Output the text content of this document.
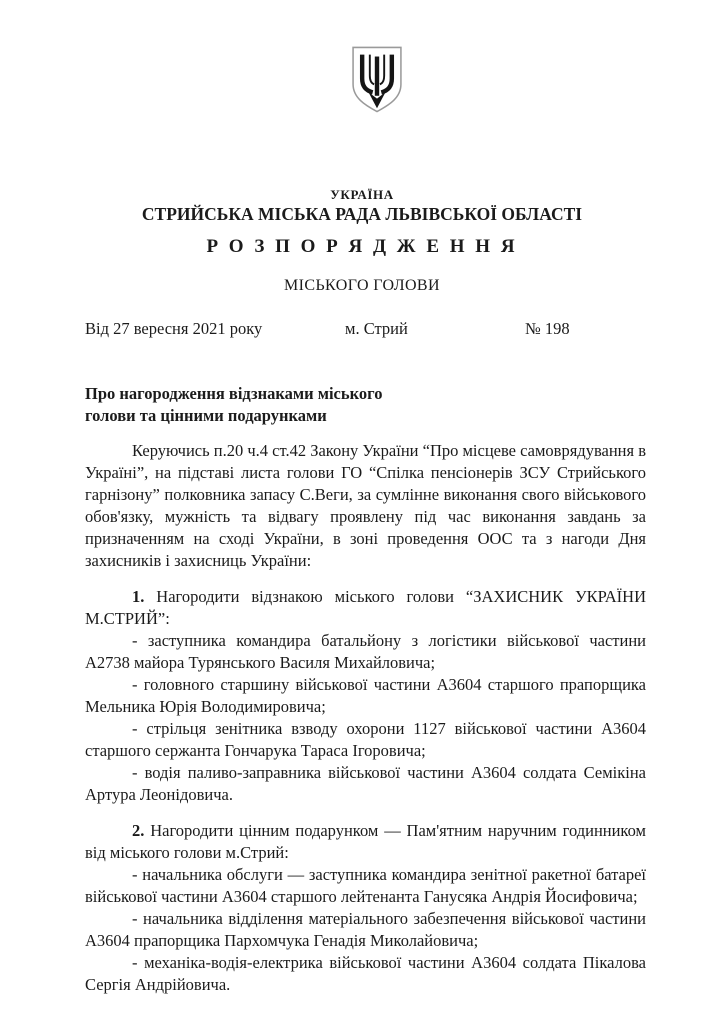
УКРАЇНА
СТРИЙСЬКА МІСЬКА РАДА ЛЬВІВСЬКОЇ ОБЛАСТІ
Р О З П О Р Я Д Ж Е Н Н Я
МІСЬКОГО ГОЛОВИ
Від 27 вересня 2021 року	м. Стрий	№ 198
Про нагородження відзнаками міського
голови та цінними подарунками

Керуючись п.20 ч.4 ст.42 Закону України “Про місцеве самоврядування в Україні”, на підставі листа голови ГО “Спілка пенсіонерів ЗСУ Стрийського гарнізону” полковника запасу С.Веги, за сумлінне виконання свого військового обов'язку, мужність та відвагу проявлену під час виконання завдань за призначенням на сході України, в зоні проведення ООС та з нагоди Дня захисників і захисниць України:

1. Нагородити відзнакою міського голови “ЗАХИСНИК УКРАЇНИ М.СТРИЙ”:

- заступника командира батальйону з логістики військової частини А2738 майора Турянського Василя Михайловича;

- головного старшину військової частини А3604 старшого прапорщика Мельника Юрія Володимировича;

- стрільця зенітника взводу охорони 1127 військової частини А3604 старшого сержанта Гончарука Тараса Ігоровича;

- водія паливо-заправника військової частини А3604 солдата Семікіна Артура Леонідовича.

2. Нагородити цінним подарунком — Пам'ятним наручним годинником від міського голови м.Стрий:

- начальника обслуги — заступника командира зенітної ракетної батареї військової частини А3604 старшого лейтенанта Ганусяка Андрія Йосифовича;

- начальника відділення матеріального забезпечення військової частини А3604 прапорщика Пархомчука Генадія Миколайовича;

- механіка-водія-електрика військової частини А3604 солдата Пікалова Сергія Андрійовича.
